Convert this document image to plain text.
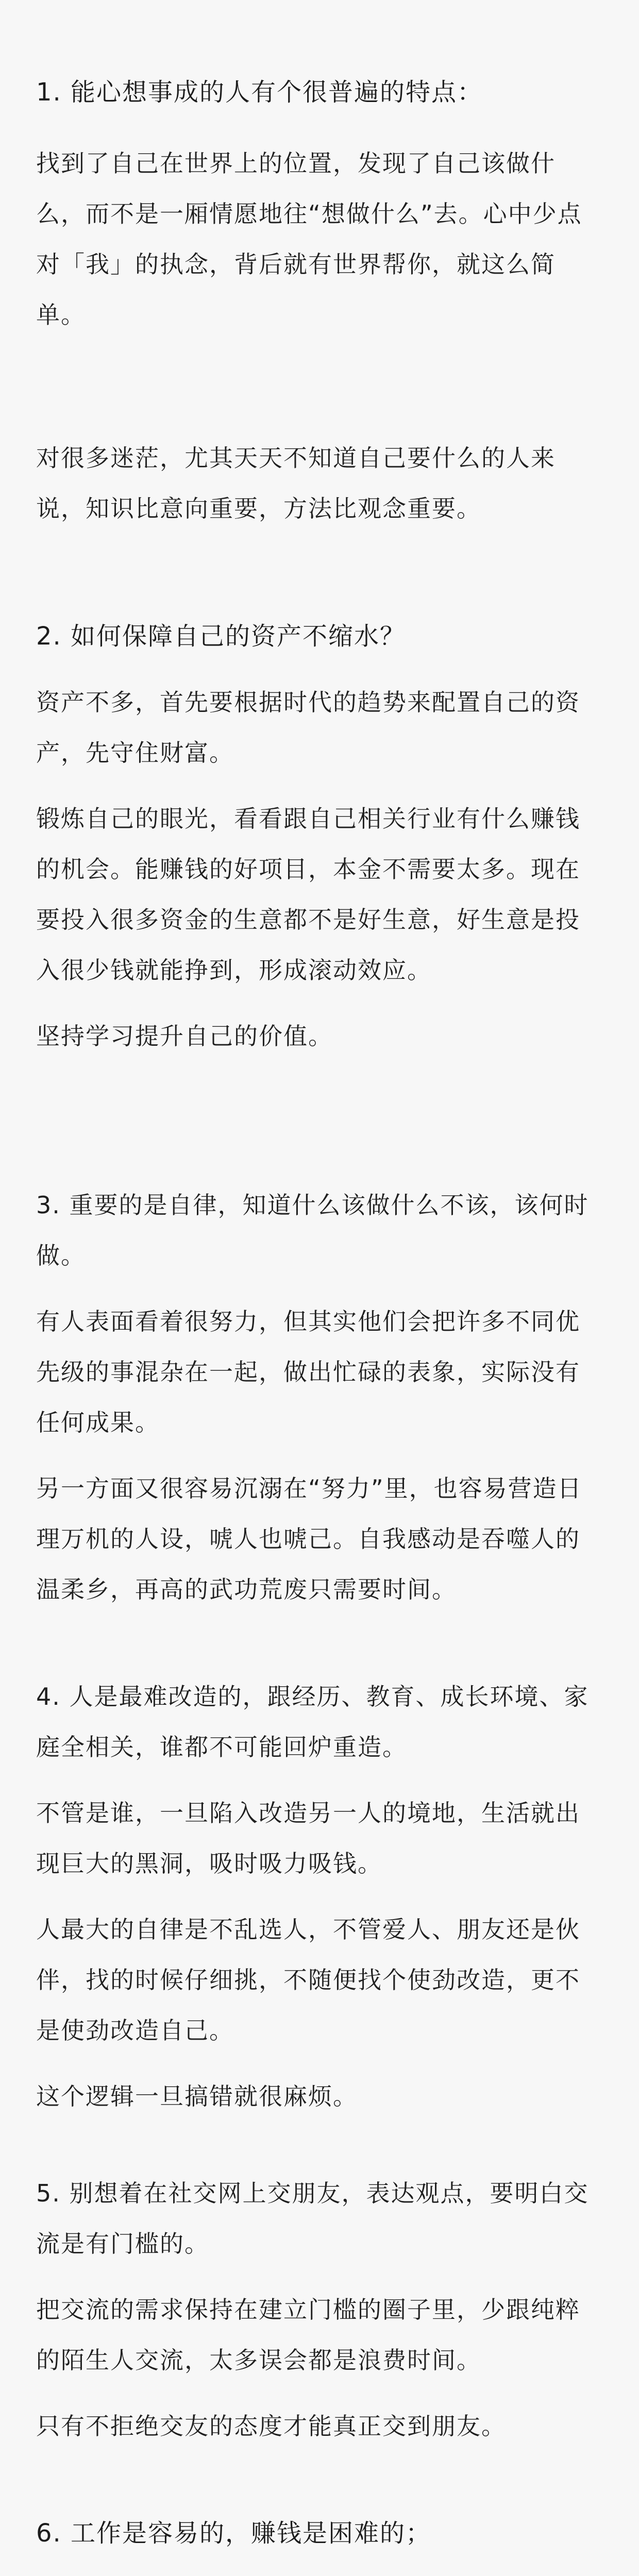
1. 能心想事成的人有个很普遍的特点：

找到了自己在世界上的位置，发现了自己该做什么，而不是一厢情愿地往“想做什么”去。心中少点对「我」的执念，背后就有世界帮你，就这么简单。

对很多迷茫，尤其天天不知道自己要什么的人来说，知识比意向重要，方法比观念重要。

2. 如何保障自己的资产不缩水？

资产不多，首先要根据时代的趋势来配置自己的资产，先守住财富。

锻炼自己的眼光，看看跟自己相关行业有什么赚钱的机会。能赚钱的好项目，本金不需要太多。现在要投入很多资金的生意都不是好生意，好生意是投入很少钱就能挣到，形成滚动效应。

坚持学习提升自己的价值。

3. 重要的是自律，知道什么该做什么不该，该何时做。

有人表面看着很努力，但其实他们会把许多不同优先级的事混杂在一起，做出忙碌的表象，实际没有任何成果。

另一方面又很容易沉溺在“努力”里，也容易营造日理万机的人设，唬人也唬己。自我感动是吞噬人的温柔乡，再高的武功荒废只需要时间。

4. 人是最难改造的，跟经历、教育、成长环境、家庭全相关，谁都不可能回炉重造。

不管是谁，一旦陷入改造另一人的境地，生活就出现巨大的黑洞，吸时吸力吸钱。

人最大的自律是不乱选人，不管爱人、朋友还是伙伴，找的时候仔细挑，不随便找个使劲改造，更不是使劲改造自己。

这个逻辑一旦搞错就很麻烦。

5. 别想着在社交网上交朋友，表达观点，要明白交流是有门槛的。

把交流的需求保持在建立门槛的圈子里，少跟纯粹的陌生人交流，太多误会都是浪费时间。

只有不拒绝交友的态度才能真正交到朋友。

6. 工作是容易的，赚钱是困难的；
